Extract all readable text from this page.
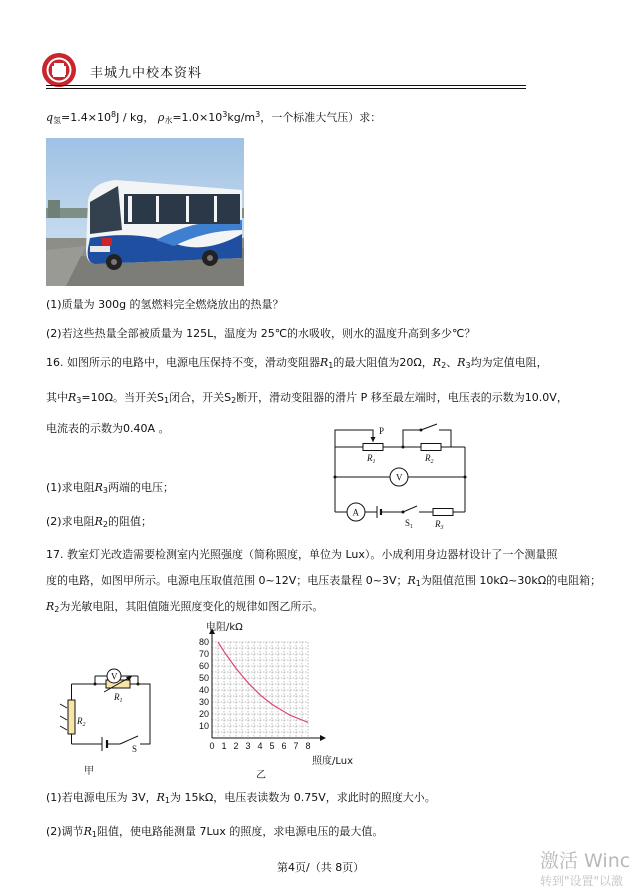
丰城九中校本资料
$q_氢=1.4\times 10^8J$ / kg， $\rho_水=1.0\times 10^3kg/m^3$，一个标准大气压）求：
(1)质量为 300g 的氢燃料完全燃烧放出的热量？
(2)若这些热量全部被质量为 125L，温度为 25℃的水吸收，则水的温度升高到多少℃？
16. 如图所示的电路中，电源电压保持不变，滑动变阻器$R_1$的最大阻值为20Ω，$R_2$、$R_3$均为定值电阻，
其中$R_3=10\Omega$。当开关$S_1$闭合，开关$S_2$断开，滑动变阻器的滑片 P 移至最左端时，电压表的示数为10.0V，
电流表的示数为0.40A 。
(1)求电阻$R_3$两端的电压；
(2)求电阻$R_2$的阻值；
P
$R_1$	$R_2$
V
A
$S_1$ $R_3$
17. 教室灯光改造需要检测室内光照强度（简称照度，单位为 Lux）。小成利用身边器材设计了一个测量照
度的电路，如图甲所示。电源电压取值范围 0~12V；电压表量程 0~3V；$R_1$为阻值范围 10kΩ~30kΩ的电阻箱；
$R_2$为光敏电阻，其阻值随光照度变化的规律如图乙所示。
V
$R_1$
$R_2$
S
甲
0 1 2 3 4 5 6 7 8
10
20
30
40
50
60
70
80
电阻/kΩ
照度/Lux
乙
(1)若电源电压为 3V，$R_1$为 15kΩ，电压表读数为 0.75V，求此时的照度大小。
(2)调节$R_1$阻值，使电路能测量 7Lux 的照度，求电源电压的最大值。
第4页/（共 8页）	激活 Winc
转到"设置"以激
